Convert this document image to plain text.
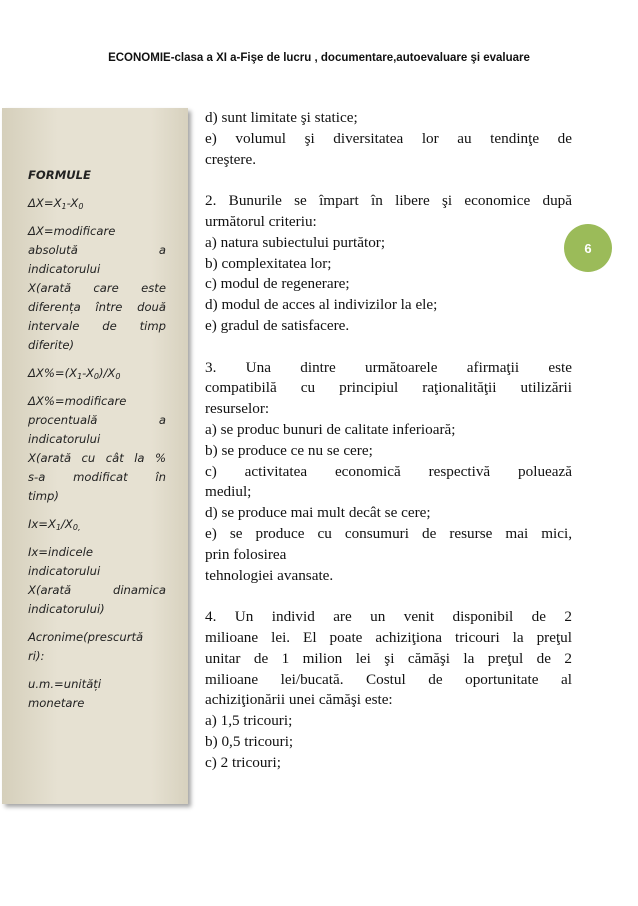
ECONOMIE-clasa a XI a-Fişe de lucru , documentare,autoevaluare şi evaluare
6
FORMULE
$\Delta X=X_1-X_0$
ΔX=modificare
absolută a
indicatorului
X(arată care este
diferența între două
intervale de timp
diferite)
$\Delta X\%=(X_1-X_0)/X_0$
ΔX%=modificare
procentuală a
indicatorului
X(arată cu cât la %
s-a modificat în
timp)
$Ix=X_1/X_{0,}$
Ix=indicele
indicatorului
X(arată dinamica
indicatorului)
Acronime(prescurtă
ri):
u.m.=unități
monetare

d) sunt limitate şi statice;

e) volumul şi diversitatea lor au tendinţe de

creştere.

2. Bunurile se împart în libere şi economice după

următorul criteriu:

a) natura subiectului purtător;

b) complexitatea lor;

c) modul de regenerare;

d) modul de acces al indivizilor la ele;

e) gradul de satisfacere.

3. Una dintre următoarele afirmaţii este

compatibilă cu principiul raţionalităţii utilizării

resurselor:

a) se produc bunuri de calitate inferioară;

b) se produce ce nu se cere;

c) activitatea economică respectivă poluează

mediul;

d) se produce mai mult decât se cere;

e) se produce cu consumuri de resurse mai mici,

prin folosirea

tehnologiei avansate.

4. Un individ are un venit disponibil de 2

milioane lei. El poate achiziţiona tricouri la preţul

unitar de 1 milion lei şi cămăşi la preţul de 2

milioane lei/bucată. Costul de oportunitate al

achiziţionării unei cămăşi este:

a) 1,5 tricouri;

b) 0,5 tricouri;

c) 2 tricouri;
